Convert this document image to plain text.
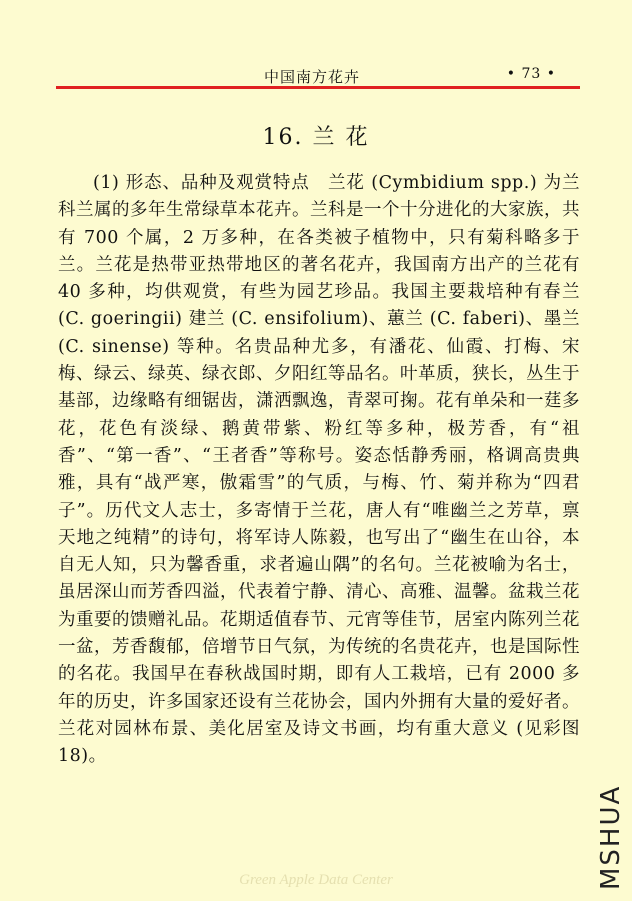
中国南方花卉	• 73 •
16. 兰 花

(1) 形态、品种及观赏特点　兰花 (Cymbidium spp.) 为兰科兰属的多年生常绿草本花卉。兰科是一个十分进化的大家族，共有 700 个属，2 万多种，在各类被子植物中，只有菊科略多于兰。兰花是热带亚热带地区的著名花卉，我国南方出产的兰花有 40 多种，均供观赏，有些为园艺珍品。我国主要栽培种有春兰 (C. goeringii) 建兰 (C. ensifolium)、蕙兰 (C. faberi)、墨兰 (C. sinense) 等种。名贵品种尤多，有潘花、仙霞、打梅、宋梅、绿云、绿英、绿衣郎、夕阳红等品名。叶革质，狭长，丛生于基部，边缘略有细锯齿，潇洒飘逸，青翠可掬。花有单朵和一莛多花，花色有淡绿、鹅黄带紫、粉红等多种，极芳香，有“祖香”、“第一香”、“王者香”等称号。姿态恬静秀丽，格调高贵典雅，具有“战严寒，傲霜雪”的气质，与梅、竹、菊并称为“四君子”。历代文人志士，多寄情于兰花，唐人有“唯幽兰之芳草，禀天地之纯精”的诗句，将军诗人陈毅，也写出了“幽生在山谷，本自无人知，只为馨香重，求者遍山隅”的名句。兰花被喻为名士，虽居深山而芳香四溢，代表着宁静、清心、高雅、温馨。盆栽兰花为重要的馈赠礼品。花期适值春节、元宵等佳节，居室内陈列兰花一盆，芳香馥郁，倍增节日气氛，为传统的名贵花卉，也是国际性的名花。我国早在春秋战国时期，即有人工栽培，已有 2000 多年的历史，许多国家还设有兰花协会，国内外拥有大量的爱好者。兰花对园林布景、美化居室及诗文书画，均有重大意义 (见彩图 18)。

Green Apple Data Center	MSHUA
